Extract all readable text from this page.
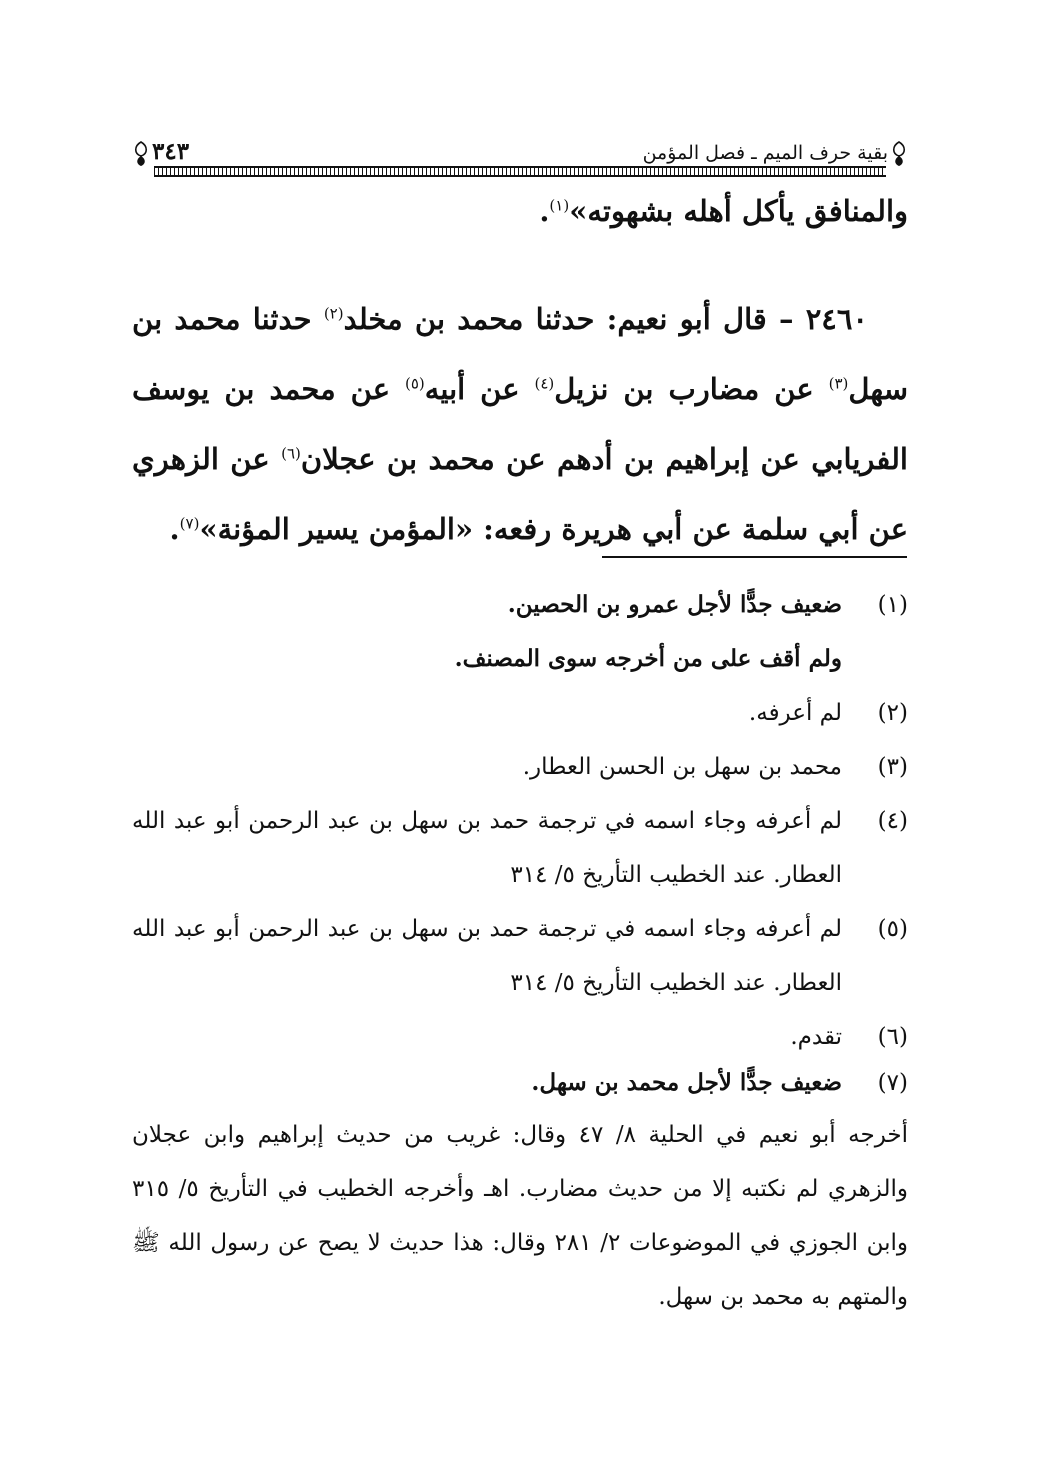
بقية حرف الميم ـ فصل المؤمن
٣٤٣
والمنافق يأكل أهله بشهوته»$^{(١)}$.
٢٤٦٠ – قال أبو نعيم: حدثنا محمد بن مخلد$^{(٢)}$ حدثنا محمد بن سهل$^{(٣)}$ عن مضارب بن نزيل$^{(٤)}$ عن أبيه$^{(٥)}$ عن محمد بن يوسف الفريابي عن إبراهيم بن أدهم عن محمد بن عجلان$^{(٦)}$ عن الزهري عن أبي سلمة عن أبي هريرة رفعه: «المؤمن يسير المؤنة»$^{(٧)}$.
(١)ضعيف جدًّا لأجل عمرو بن الحصين.
ولم أقف على من أخرجه سوى المصنف.
(٢)لم أعرفه.
(٣)محمد بن سهل بن الحسن العطار.
(٤)
لم أعرفه وجاء اسمه في ترجمة حمد بن سهل بن عبد الرحمن أبو عبد الله العطار. عند الخطيب التأريخ ٥/ ٣١٤
(٥)
لم أعرفه وجاء اسمه في ترجمة حمد بن سهل بن عبد الرحمن أبو عبد الله العطار. عند الخطيب التأريخ ٥/ ٣١٤
(٦)تقدم.
(٧)ضعيف جدًّا لأجل محمد بن سهل.
أخرجه أبو نعيم في الحلية ٨/ ٤٧ وقال: غريب من حديث إبراهيم وابن عجلان والزهري لم نكتبه إلا من حديث مضارب. اهـ وأخرجه الخطيب في التأريخ ٥/ ٣١٥ وابن الجوزي في الموضوعات ٢/ ٢٨١ وقال: هذا حديث لا يصح عن رسول الله ﷺ والمتهم به محمد بن سهل.
